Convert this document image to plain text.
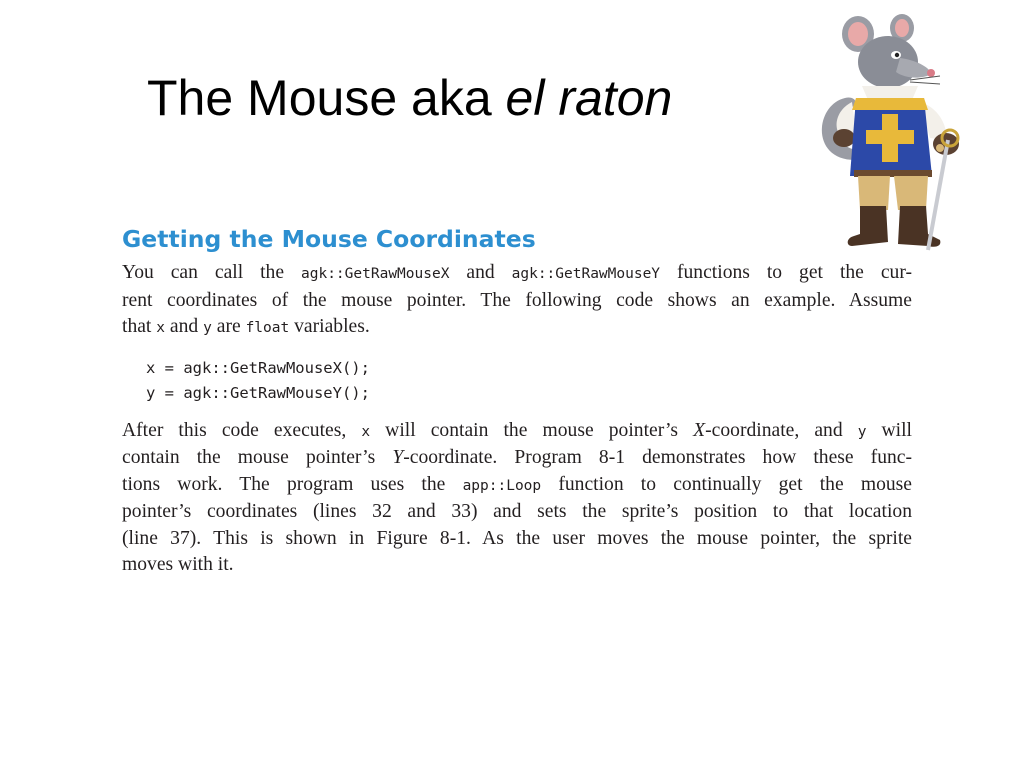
The Mouse aka el raton
Getting the Mouse Coordinates

You can call the agk::GetRawMouseX and agk::GetRawMouseY functions to get the cur-
rent coordinates of the mouse pointer. The following code shows an example. Assume
that x and y are float variables.

x = agk::GetRawMouseX();
y = agk::GetRawMouseY();

After this code executes, x will contain the mouse pointer’s X-coordinate, and y will
contain the mouse pointer’s Y-coordinate. Program 8-1 demonstrates how these func-
tions work. The program uses the app::Loop function to continually get the mouse
pointer’s coordinates (lines 32 and 33) and sets the sprite’s position to that location
(line 37). This is shown in Figure 8-1. As the user moves the mouse pointer, the sprite
moves with it.
